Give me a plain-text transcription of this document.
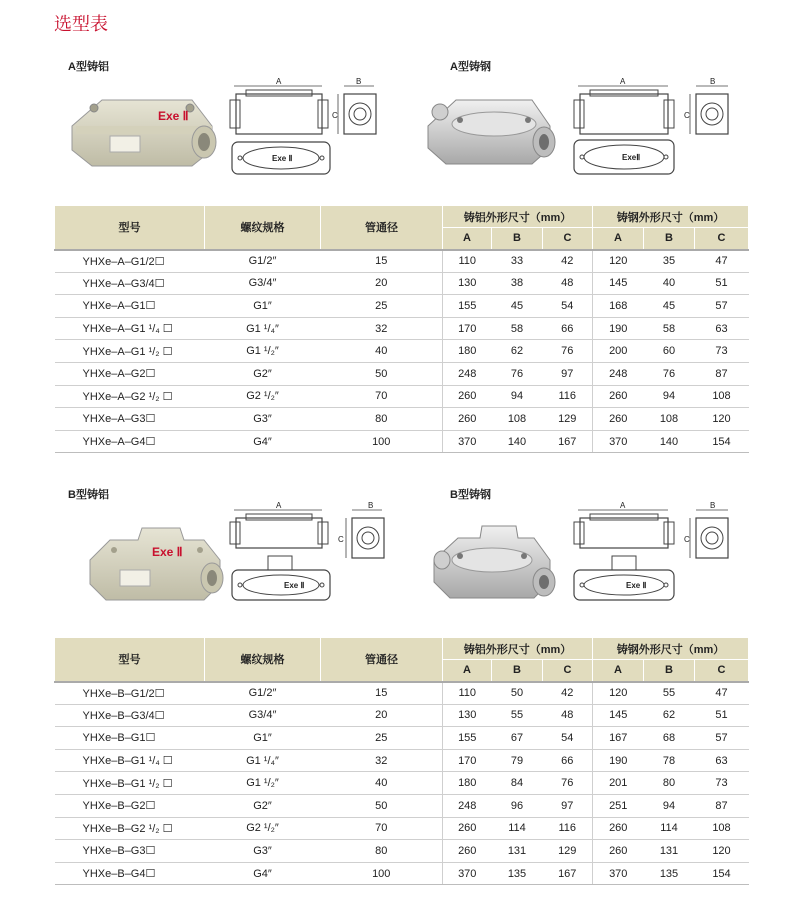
选型表
A型铸铝	A型铸钢
Exe Ⅱ
A
Exe Ⅱ
B
C
A
ExeⅡ
B
C
型号	螺纹规格	管通径	铸铝外形尺寸（mm）			铸钢外形尺寸（mm）		
			A	B	C	A	B	C
YHXe–A–G1/2☐	G1/2″	15	110	33	42	120	35	47
YHXe–A–G3/4☐	G3/4″	20	130	38	48	145	40	51
YHXe–A–G1☐	G1″	25	155	45	54	168	45	57
YHXe–A–G1 ¹/₄ ☐	G1 ¹/₄″	32	170	58	66	190	58	63
YHXe–A–G1 ¹/₂ ☐	G1 ¹/₂″	40	180	62	76	200	60	73
YHXe–A–G2☐	G2″	50	248	76	97	248	76	87
YHXe–A–G2 ¹/₂ ☐	G2 ¹/₂″	70	260	94	116	260	94	108
YHXe–A–G3☐	G3″	80	260	108	129	260	108	120
YHXe–A–G4☐	G4″	100	370	140	167	370	140	154
B型铸铝	B型铸钢
Exe Ⅱ
A
Exe Ⅱ
B
C
A
Exe Ⅱ
B
C
型号	螺纹规格	管通径	铸铝外形尺寸（mm）			铸钢外形尺寸（mm）		
			A	B	C	A	B	C
YHXe–B–G1/2☐	G1/2″	15	110	50	42	120	55	47
YHXe–B–G3/4☐	G3/4″	20	130	55	48	145	62	51
YHXe–B–G1☐	G1″	25	155	67	54	167	68	57
YHXe–B–G1 ¹/₄ ☐	G1 ¹/₄″	32	170	79	66	190	78	63
YHXe–B–G1 ¹/₂ ☐	G1 ¹/₂″	40	180	84	76	201	80	73
YHXe–B–G2☐	G2″	50	248	96	97	251	94	87
YHXe–B–G2 ¹/₂ ☐	G2 ¹/₂″	70	260	114	116	260	114	108
YHXe–B–G3☐	G3″	80	260	131	129	260	131	120
YHXe–B–G4☐	G4″	100	370	135	167	370	135	154
